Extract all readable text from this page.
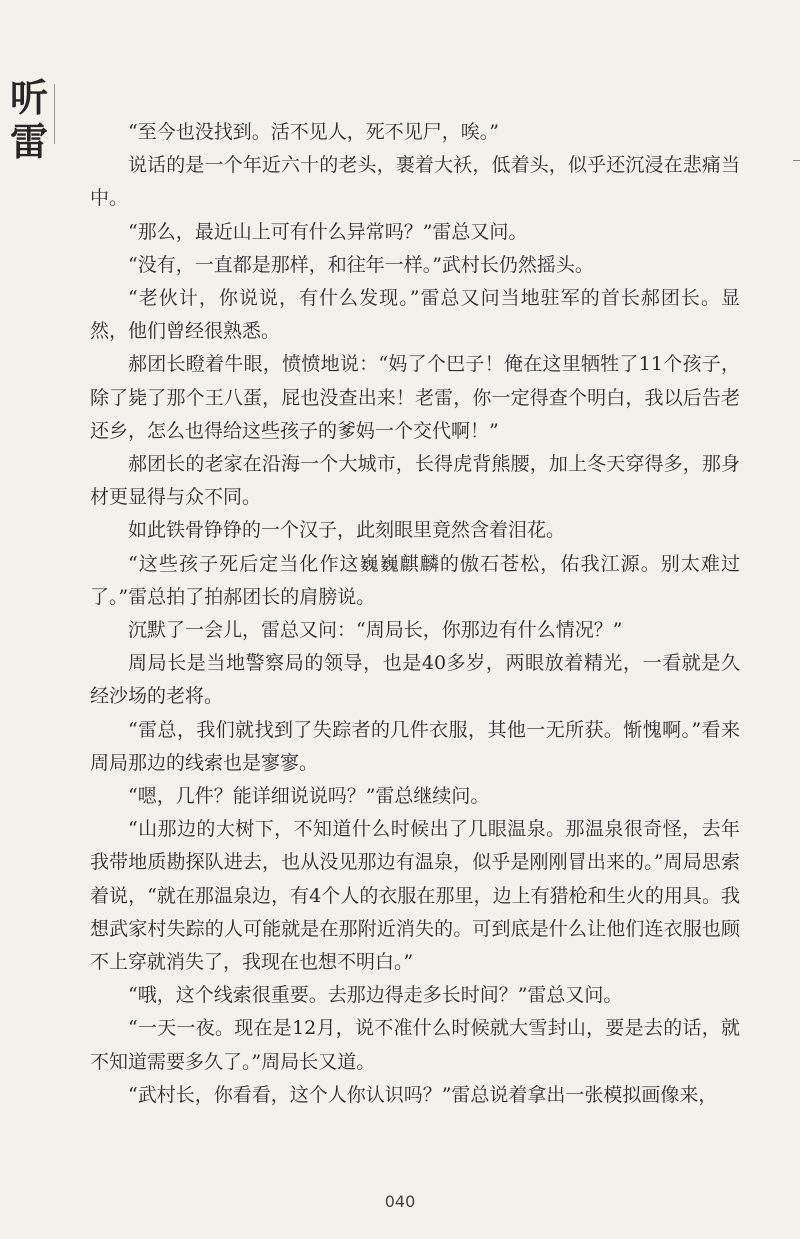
听
雷	“至今也没找到。活不见人，死不见尸，唉。”

说话的是一个年近六十的老头，裹着大袄，低着头，似乎还沉浸在悲痛当中。

“那么，最近山上可有什么异常吗？”雷总又问。

“没有，一直都是那样，和往年一样。”武村长仍然摇头。

“老伙计，你说说，有什么发现。”雷总又问当地驻军的首长郝团长。显然，他们曾经很熟悉。

郝团长瞪着牛眼，愤愤地说：“妈了个巴子！俺在这里牺牲了11个孩子，除了毙了那个王八蛋，屁也没查出来！老雷，你一定得查个明白，我以后告老还乡，怎么也得给这些孩子的爹妈一个交代啊！”

郝团长的老家在沿海一个大城市，长得虎背熊腰，加上冬天穿得多，那身材更显得与众不同。

如此铁骨铮铮的一个汉子，此刻眼里竟然含着泪花。

“这些孩子死后定当化作这巍巍麒麟的傲石苍松，佑我江源。别太难过了。”雷总拍了拍郝团长的肩膀说。

沉默了一会儿，雷总又问：“周局长，你那边有什么情况？”

周局长是当地警察局的领导，也是40多岁，两眼放着精光，一看就是久经沙场的老将。

“雷总，我们就找到了失踪者的几件衣服，其他一无所获。惭愧啊。”看来周局那边的线索也是寥寥。

“嗯，几件？能详细说说吗？”雷总继续问。

“山那边的大树下，不知道什么时候出了几眼温泉。那温泉很奇怪，去年我带地质勘探队进去，也从没见那边有温泉，似乎是刚刚冒出来的。”周局思索着说，“就在那温泉边，有4个人的衣服在那里，边上有猎枪和生火的用具。我想武家村失踪的人可能就是在那附近消失的。可到底是什么让他们连衣服也顾不上穿就消失了，我现在也想不明白。”

“哦，这个线索很重要。去那边得走多长时间？”雷总又问。

“一天一夜。现在是12月，说不准什么时候就大雪封山，要是去的话，就不知道需要多久了。”周局长又道。

“武村长，你看看，这个人你认识吗？”雷总说着拿出一张模拟画像来，

040
